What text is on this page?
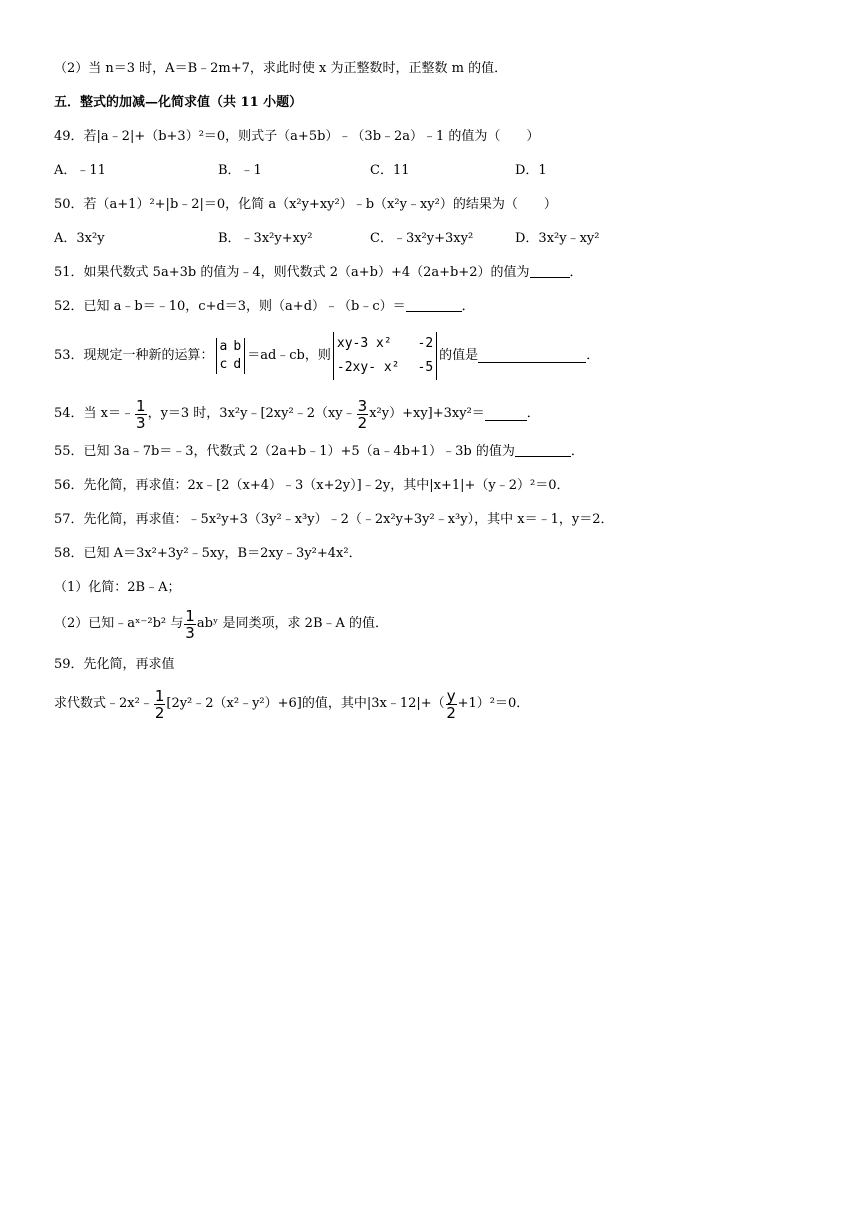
（2）当 n＝3 时，A＝B﹣2m+7，求此时使 x 为正整数时，正整数 m 的值．
五．整式的加减—化简求值（共 11 小题）
49．若|a﹣2|+（b+3）²＝0，则式子（a+5b）﹣（3b﹣2a）﹣1 的值为（　　）
A．﹣11	B．﹣1	C．11	D．1
50．若（a+1）²+|b﹣2|＝0，化简 a（x²y+xy²）﹣b（x²y﹣xy²）的结果为（　　）
A．3x²y	B．﹣3x²y+xy²	C．﹣3x²y+3xy²	D．3x²y﹣xy²
51．如果代数式 5a+3b 的值为﹣4，则代数式 2（a+b）+4（2a+b+2）的值为	．
52．已知 a﹣b＝﹣10，c+d＝3，则（a+d）﹣（b﹣c）＝	．
53．现规定一种新的运算：
a b
c d
＝ad﹣cb，则
xy-3 x² -2
-2xy- x² -5
的值是	．
54．当 x＝﹣ $\frac{1}{3}$ ，y＝3 时，3x²y﹣[2xy²﹣2（xy﹣ $\frac{3}{2} x^2y)+xy]+3xy^2=$	．
55．已知 3a﹣7b＝﹣3，代数式 2（2a+b﹣1）+5（a﹣4b+1）﹣3b 的值为	．
56．先化简，再求值：2x﹣[2（x+4）﹣3（x+2y）]﹣2y，其中|x+1|+（y﹣2）²＝0．
57．先化简，再求值：﹣5x²y+3（3y²﹣x³y）﹣2（﹣2x²y+3y²﹣x³y），其中 x＝﹣1，y＝2．
58．已知 A＝3x²+3y²﹣5xy，B＝2xy﹣3y²+4x²．
（1）化简：2B﹣A；
（2）已知﹣aˣ⁻²b² 与 $\frac{1}{3}$ abʸ 是同类项，求 2B﹣A 的值．
59．先化简，再求值
求代数式﹣2x²﹣ $\frac{1}{2}$ [2y²﹣2（x²﹣y²）+6]的值，其中|3x﹣12|+（ $\frac{y}{2} +1)^2=0$．
